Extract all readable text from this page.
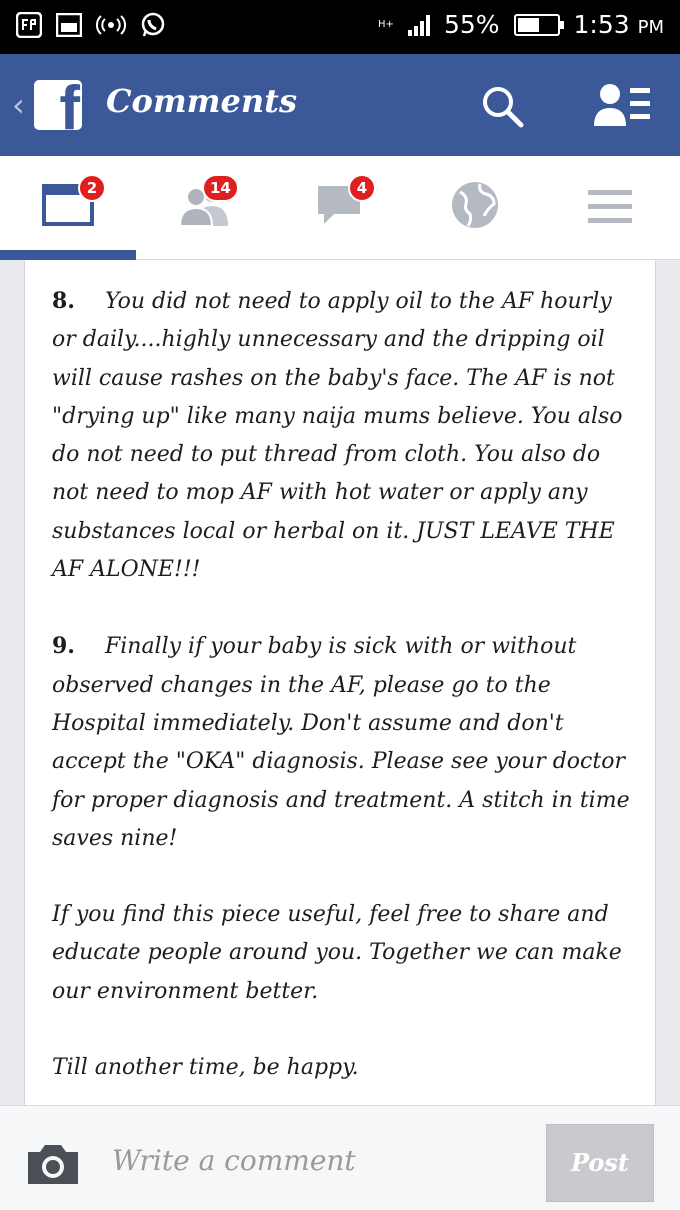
H+ 55%	1:53 PM
‹ f Comments
2	14	4

8. You did not need to apply oil to the AF hourly or daily....highly unnecessary and the dripping oil will cause rashes on the baby's face. The AF is not "drying up" like many naija mums believe. You also do not need to put thread from cloth. You also do not need to mop AF with hot water or apply any substances local or herbal on it. JUST LEAVE THE AF ALONE!!!

9. Finally if your baby is sick with or without observed changes in the AF, please go to the Hospital immediately. Don't assume and don't accept the "OKA" diagnosis. Please see your doctor for proper diagnosis and treatment. A stitch in time saves nine!

If you find this piece useful, feel free to share and educate people around you. Together we can make our environment better.

Till another time, be happy.

Write a comment
Post
